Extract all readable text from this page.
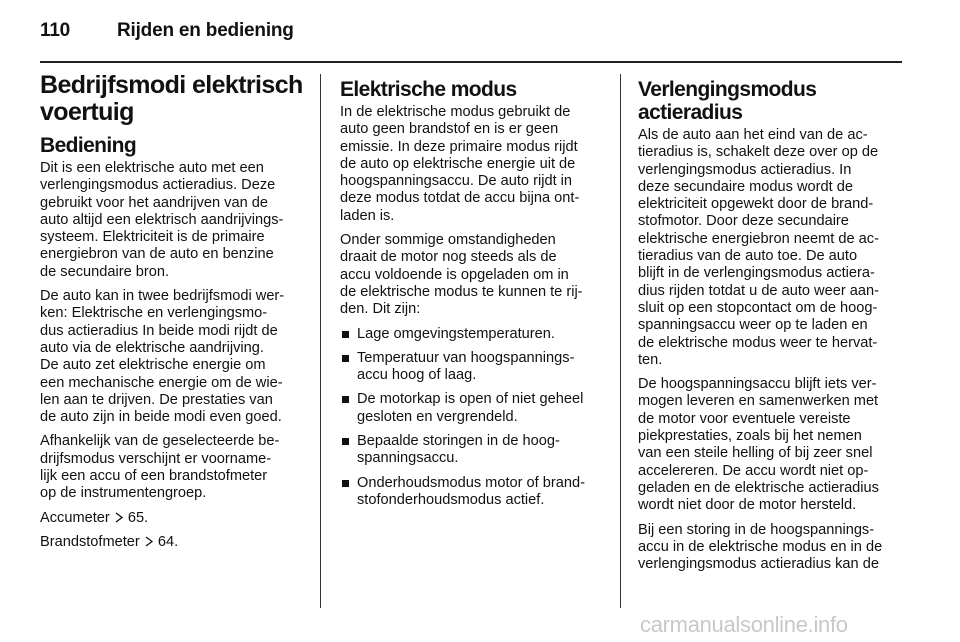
110 Rijden en bediening
Bedrijfsmodi elektrisch
voertuig
Bediening

Dit is een elektrische auto met een
verlengingsmodus actieradius. Deze
gebruikt voor het aandrijven van de
auto altijd een elektrisch aandrijvings-
systeem. Elektriciteit is de primaire
energiebron van de auto en benzine
de secundaire bron.

De auto kan in twee bedrijfsmodi wer-
ken: Elektrische en verlengingsmo-
dus actieradius In beide modi rijdt de
auto via de elektrische aandrijving.
De auto zet elektrische energie om
een mechanische energie om de wie-
len aan te drijven. De prestaties van
de auto zijn in beide modi even goed.

Afhankelijk van de geselecteerde be-
drijfsmodus verschijnt er voorname-
lijk een accu of een brandstofmeter
op de instrumentengroep.

Accumeter 65.

Brandstofmeter 64.

Elektrische modus

In de elektrische modus gebruikt de
auto geen brandstof en is er geen
emissie. In deze primaire modus rijdt
de auto op elektrische energie uit de
hoogspanningsaccu. De auto rijdt in
deze modus totdat de accu bijna ont-
laden is.

Onder sommige omstandigheden
draait de motor nog steeds als de
accu voldoende is opgeladen om in
de elektrische modus te kunnen te rij-
den. Dit zijn:

Lage omgevingstemperaturen.
Temperatuur van hoogspannings-
accu hoog of laag.
De motorkap is open of niet geheel
gesloten en vergrendeld.
Bepaalde storingen in de hoog-
spanningsaccu.
Onderhoudsmodus motor of brand-
stofonderhoudsmodus actief.
Verlengingsmodus
actieradius

Als de auto aan het eind van de ac-
tieradius is, schakelt deze over op de
verlengingsmodus actieradius. In
deze secundaire modus wordt de
elektriciteit opgewekt door de brand-
stofmotor. Door deze secundaire
elektrische energiebron neemt de ac-
tieradius van de auto toe. De auto
blijft in de verlengingsmodus actiera-
dius rijden totdat u de auto weer aan-
sluit op een stopcontact om de hoog-
spanningsaccu weer op te laden en
de elektrische modus weer te hervat-
ten.

De hoogspanningsaccu blijft iets ver-
mogen leveren en samenwerken met
de motor voor eventuele vereiste
piekprestaties, zoals bij het nemen
van een steile helling of bij zeer snel
accelereren. De accu wordt niet op-
geladen en de elektrische actieradius
wordt niet door de motor hersteld.

Bij een storing in de hoogspannings-
accu in de elektrische modus en in de
verlengingsmodus actieradius kan de

carmanualsonline.info
